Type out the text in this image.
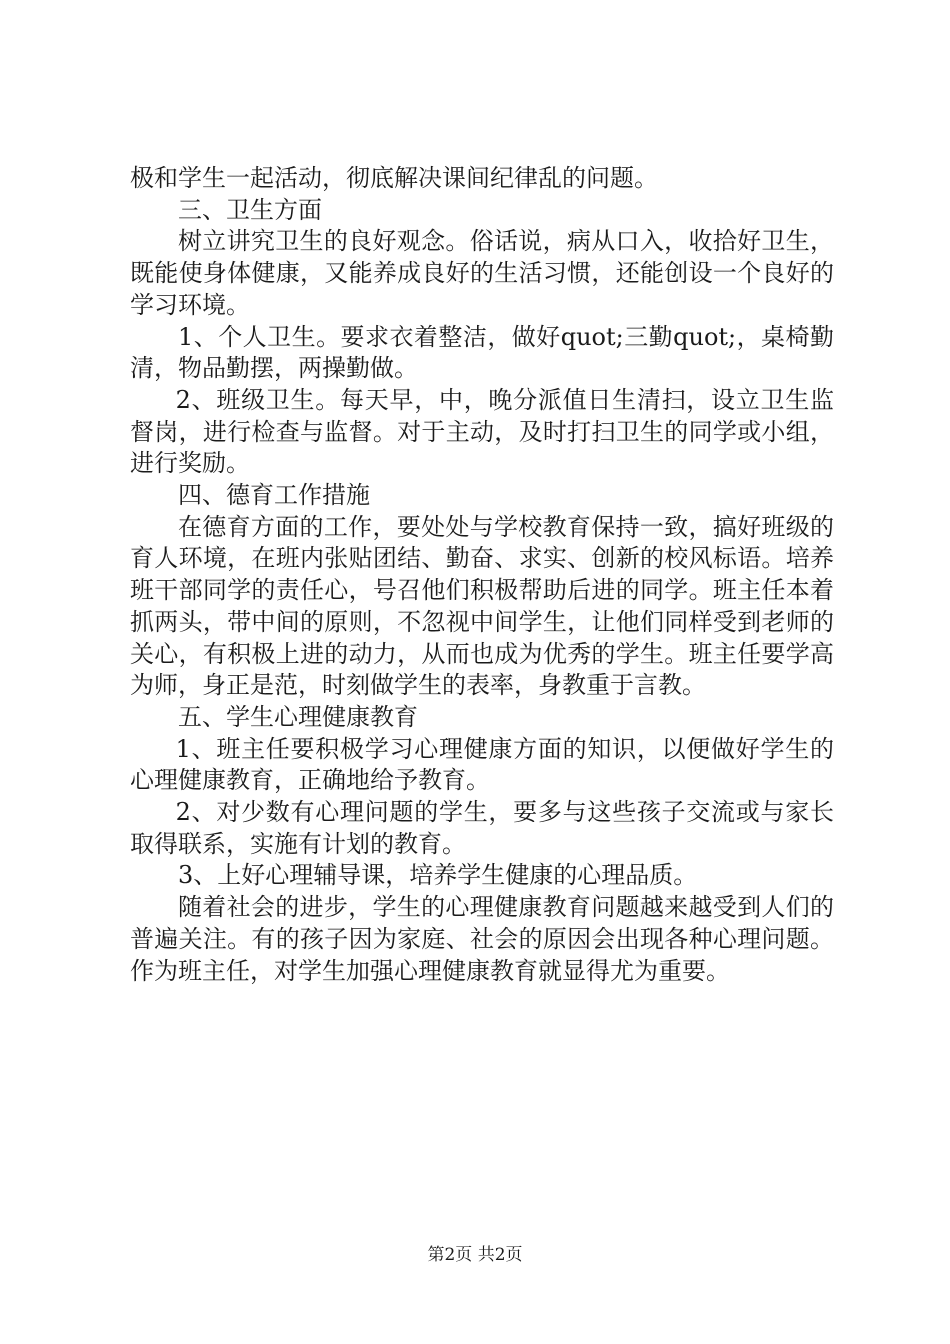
极和学生一起活动，彻底解决课间纪律乱的问题。

三、卫生方面

树立讲究卫生的良好观念。俗话说，病从口入，收拾好卫生，既能使身体健康，又能养成良好的生活习惯，还能创设一个良好的学习环境。

1、个人卫生。要求衣着整洁，做好quot;三勤quot;，桌椅勤清，物品勤摆，两操勤做。

2、班级卫生。每天早，中，晚分派值日生清扫，设立卫生监督岗，进行检查与监督。对于主动，及时打扫卫生的同学或小组，进行奖励。

四、德育工作措施

在德育方面的工作，要处处与学校教育保持一致，搞好班级的育人环境，在班内张贴团结、勤奋、求实、创新的校风标语。培养班干部同学的责任心，号召他们积极帮助后进的同学。班主任本着抓两头，带中间的原则，不忽视中间学生，让他们同样受到老师的关心，有积极上进的动力，从而也成为优秀的学生。班主任要学高为师，身正是范，时刻做学生的表率，身教重于言教。

五、学生心理健康教育

1、班主任要积极学习心理健康方面的知识，以便做好学生的心理健康教育，正确地给予教育。

2、对少数有心理问题的学生，要多与这些孩子交流或与家长取得联系，实施有计划的教育。

3、上好心理辅导课，培养学生健康的心理品质。

随着社会的进步，学生的心理健康教育问题越来越受到人们的普遍关注。有的孩子因为家庭、社会的原因会出现各种心理问题。作为班主任，对学生加强心理健康教育就显得尤为重要。

第2页 共2页
